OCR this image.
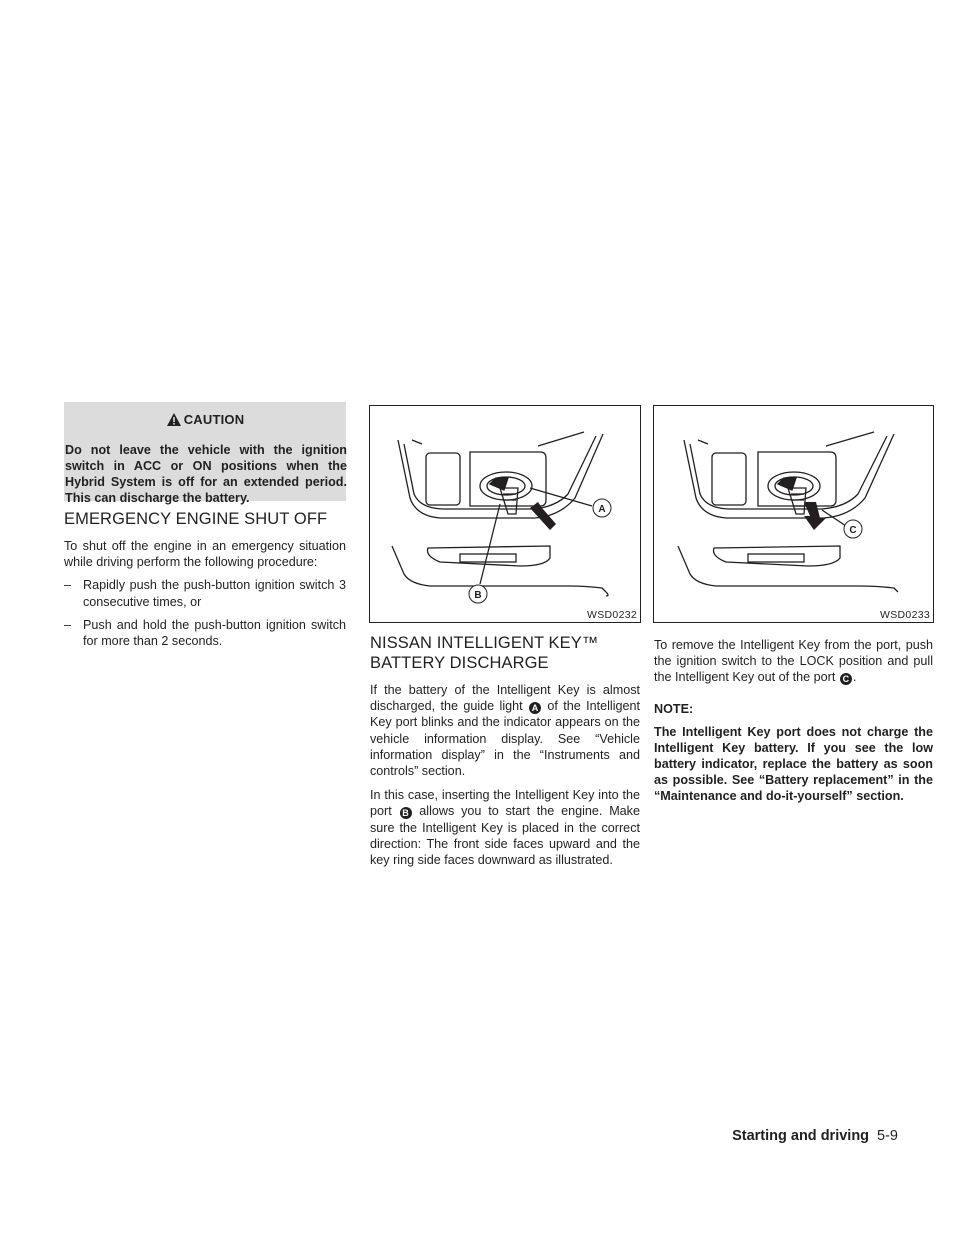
CAUTION
Do not leave the vehicle with the ignition switch in ACC or ON positions when the Hybrid System is off for an extended period. This can discharge the battery.
EMERGENCY ENGINE SHUT OFF

To shut off the engine in an emergency situation while driving perform the following procedure:

– Rapidly push the push-button ignition switch 3 consecutive times, or
– Push and hold the push-button ignition switch for more than 2 seconds.
A
B
WSD0232
C
WSD0233
NISSAN INTELLIGENT KEY™
BATTERY DISCHARGE

If the battery of the Intelligent Key is almost discharged, the guide light A of the Intelligent Key port blinks and the indicator appears on the vehicle information display. See “Vehicle information display” in the “Instruments and controls” section.

In this case, inserting the Intelligent Key into the port B allows you to start the engine. Make sure the Intelligent Key is placed in the correct direction: The front side faces upward and the key ring side faces downward as illustrated.

To remove the Intelligent Key from the port, push the ignition switch to the LOCK position and pull the Intelligent Key out of the port C .

NOTE:

The Intelligent Key port does not charge the Intelligent Key battery. If you see the low battery indicator, replace the battery as soon as possible. See “Battery replacement” in the “Maintenance and do-it-yourself” section.

Starting and driving 5-9
